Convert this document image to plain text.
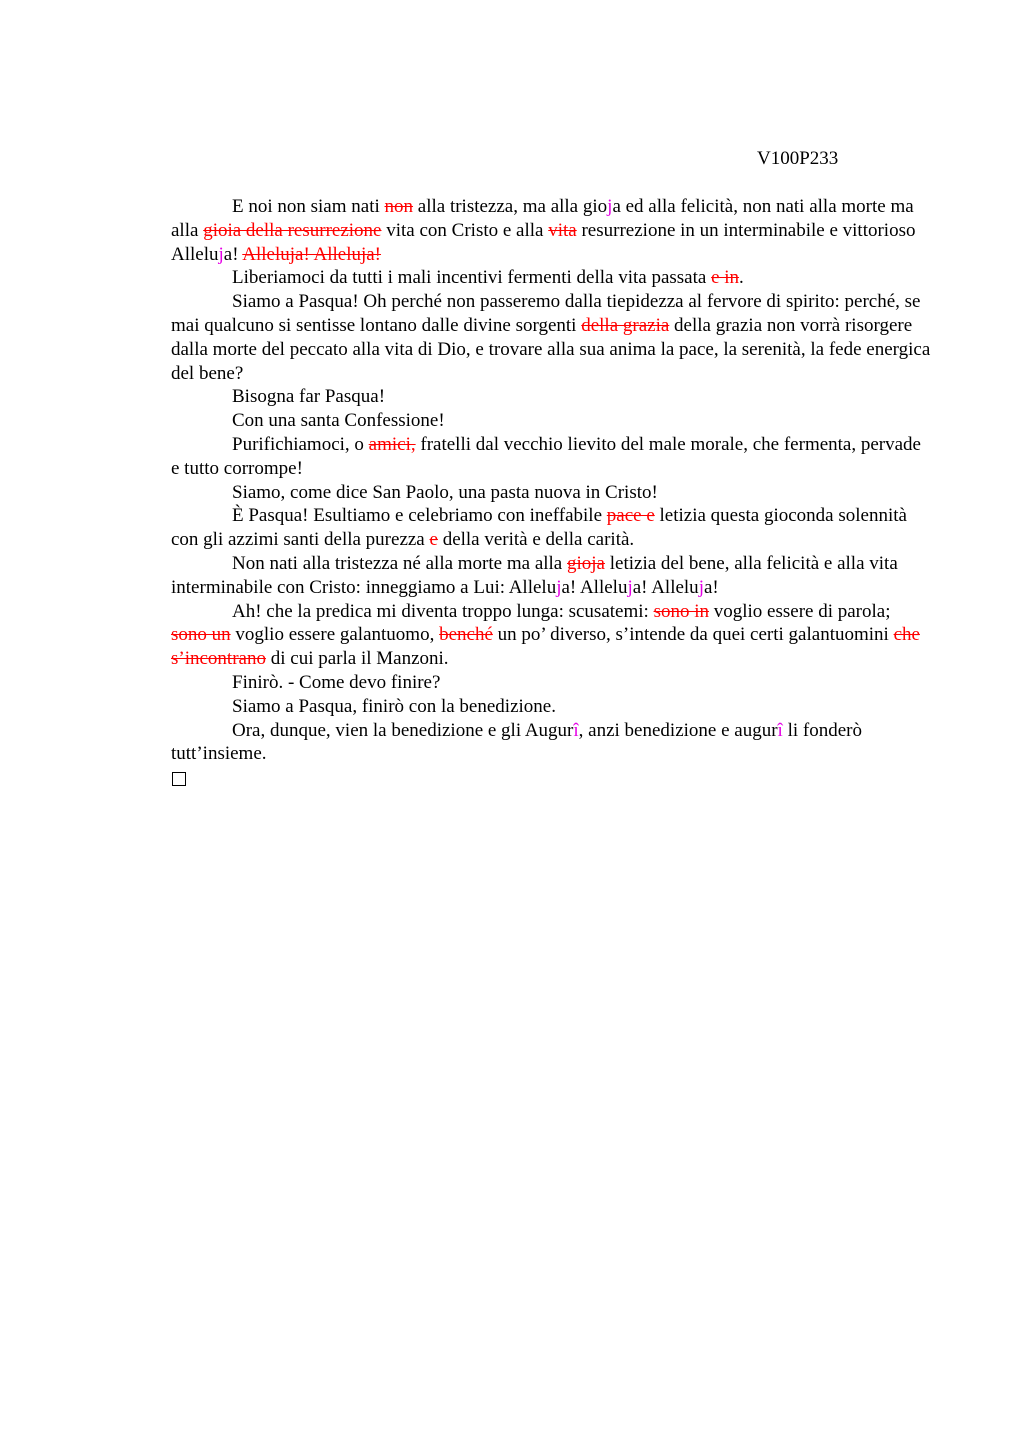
V100P233

E noi non siam nati non alla tristezza, ma alla gioja ed alla felicità, non nati alla morte ma alla gioia della resurrezione vita con Cristo e alla vita resurrezione in un interminabile e vittorioso Alleluja! Alleluja! Alleluja!

Liberiamoci da tutti i mali incentivi fermenti della vita passata e in.

Siamo a Pasqua! Oh perché non passeremo dalla tiepidezza al fervore di spirito: perché, se mai qualcuno si sentisse lontano dalle divine sorgenti della grazia della grazia non vorrà risorgere dalla morte del peccato alla vita di Dio, e trovare alla sua anima la pace, la serenità, la fede energica del bene?

Bisogna far Pasqua!

Con una santa Confessione!

Purifichiamoci, o amici, fratelli dal vecchio lievito del male morale, che fermenta, pervade e tutto corrompe!

Siamo, come dice San Paolo, una pasta nuova in Cristo!

È Pasqua! Esultiamo e celebriamo con ineffabile pace e letizia questa gioconda solennità con gli azzimi santi della purezza e della verità e della carità.

Non nati alla tristezza né alla morte ma alla gioja letizia del bene, alla felicità e alla vita interminabile con Cristo: inneggiamo a Lui: Alleluja! Alleluja! Alleluja!

Ah! che la predica mi diventa troppo lunga: scusatemi: sono in voglio essere di parola; sono un voglio essere galantuomo, benché un po’ diverso, s’intende da quei certi galantuomini che s’incontrano di cui parla il Manzoni.

Finirò. - Come devo finire?

Siamo a Pasqua, finirò con la benedizione.

Ora, dunque, vien la benedizione e gli Augurî, anzi benedizione e augurî li fonderò tutt’insieme.
